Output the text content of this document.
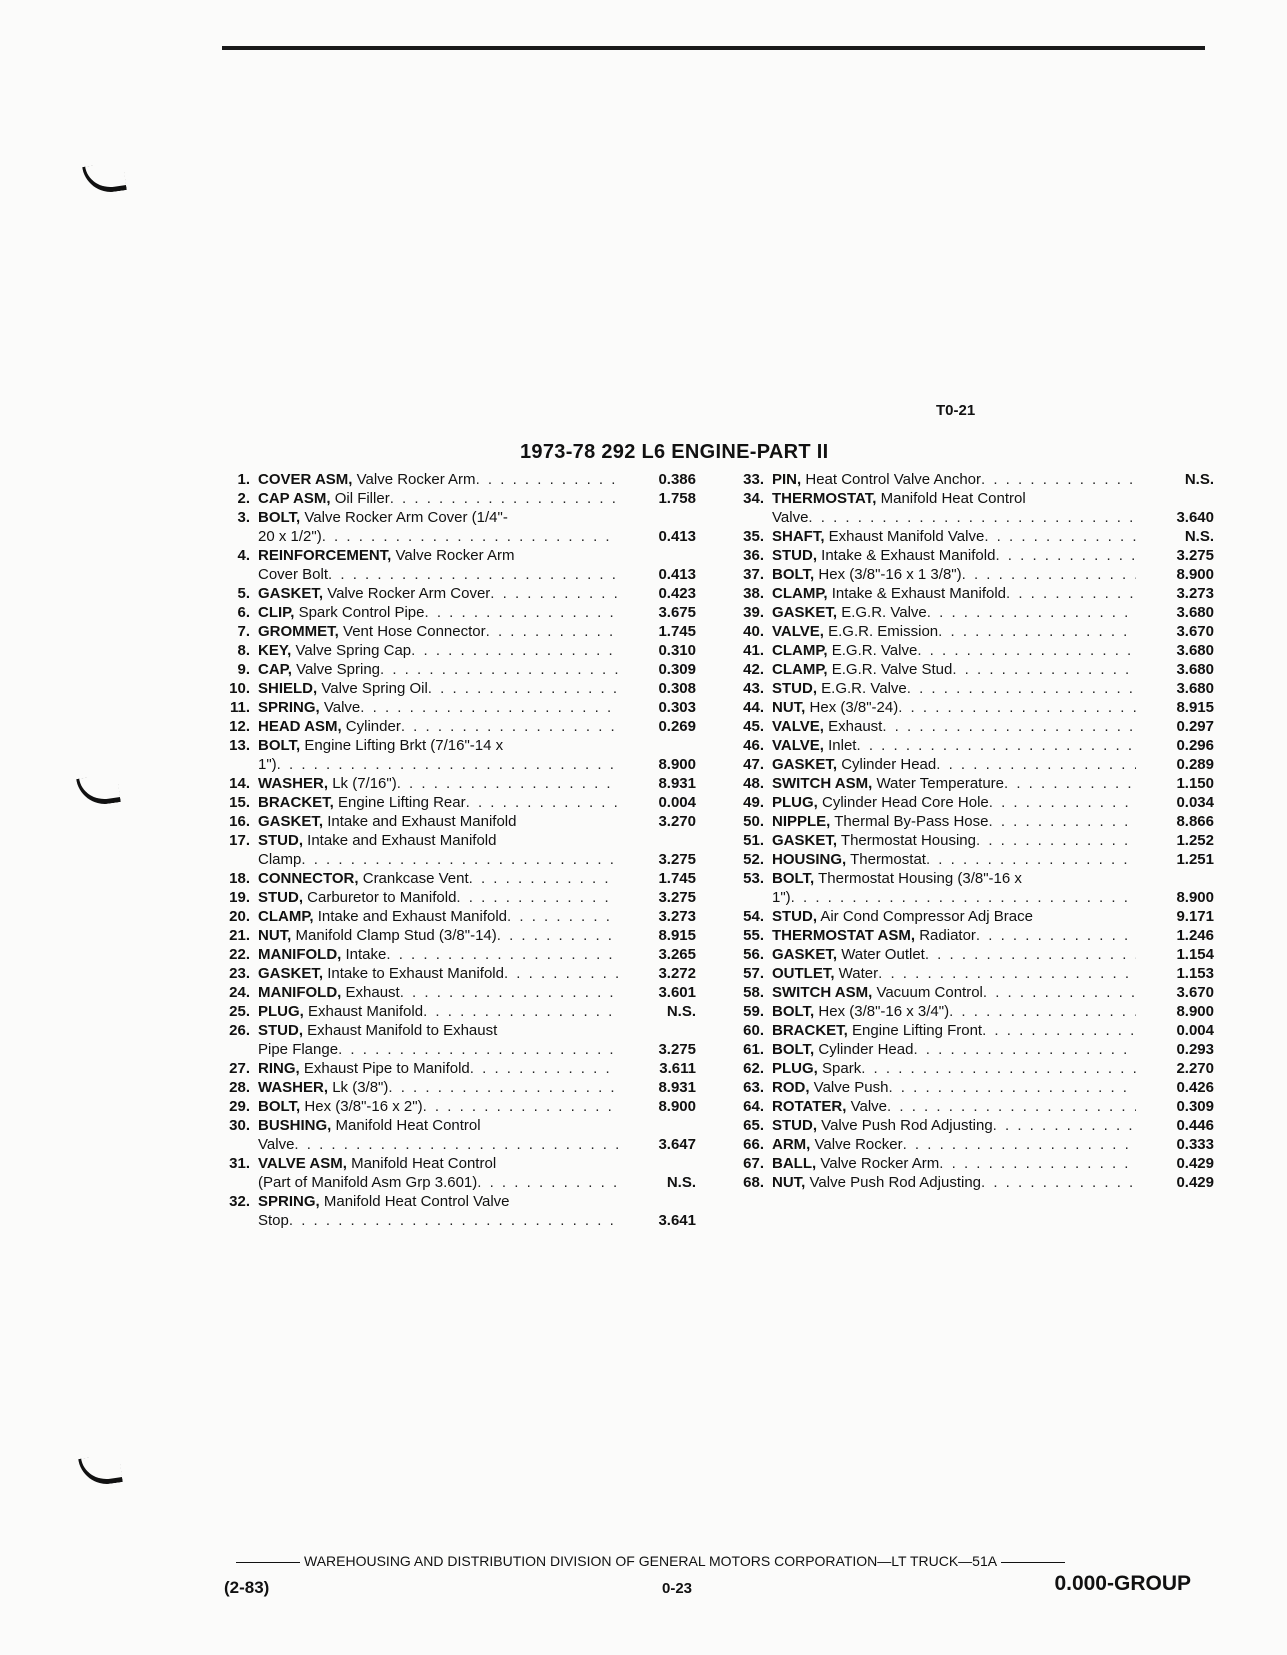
T0-21
1973-78 292 L6 ENGINE-PART II
1. COVER ASM, Valve Rocker Arm . . .	0.386
2. CAP ASM, Oil Filler . . .	1.758
3. BOLT, Valve Rocker Arm Cover (1/4"-
20 x 1/2") . . .	0.413
4. REINFORCEMENT, Valve Rocker Arm
Cover Bolt . . .	0.413
5. GASKET, Valve Rocker Arm Cover . . .	0.423
6. CLIP, Spark Control Pipe . . .	3.675
7. GROMMET, Vent Hose Connector . . .	1.745
8. KEY, Valve Spring Cap . . .	0.310
9. CAP, Valve Spring . . .	0.309
10. SHIELD, Valve Spring Oil . . .	0.308
11. SPRING, Valve . . .	0.303
12. HEAD ASM, Cylinder . . .	0.269
13. BOLT, Engine Lifting Brkt (7/16"-14 x
1") . . .	8.900
14. WASHER, Lk (7/16") . . .	8.931
15. BRACKET, Engine Lifting Rear . . .	0.004
16. GASKET, Intake and Exhaust Manifold	3.270
17. STUD, Intake and Exhaust Manifold
Clamp . . .	3.275
18. CONNECTOR, Crankcase Vent . . .	1.745
19. STUD, Carburetor to Manifold . . .	3.275
20. CLAMP, Intake and Exhaust Manifold . . .	3.273
21. NUT, Manifold Clamp Stud (3/8"-14) . . .	8.915
22. MANIFOLD, Intake . . .	3.265
23. GASKET, Intake to Exhaust Manifold . . .	3.272
24. MANIFOLD, Exhaust . . .	3.601
25. PLUG, Exhaust Manifold . . .	N.S.
26. STUD, Exhaust Manifold to Exhaust
Pipe Flange . . .	3.275
27. RING, Exhaust Pipe to Manifold . . .	3.611
28. WASHER, Lk (3/8") . . .	8.931
29. BOLT, Hex (3/8"-16 x 2") . . .	8.900
30. BUSHING, Manifold Heat Control
Valve . . .	3.647
31. VALVE ASM, Manifold Heat Control
(Part of Manifold Asm Grp 3.601) . . .	N.S.
32. SPRING, Manifold Heat Control Valve
Stop . . .	3.641
33. PIN, Heat Control Valve Anchor . . .	N.S.
34. THERMOSTAT, Manifold Heat Control
Valve . . .	3.640
35. SHAFT, Exhaust Manifold Valve . . .	N.S.
36. STUD, Intake & Exhaust Manifold . . .	3.275
37. BOLT, Hex (3/8"-16 x 1 3/8") . . .	8.900
38. CLAMP, Intake & Exhaust Manifold . . .	3.273
39. GASKET, E.G.R. Valve . . .	3.680
40. VALVE, E.G.R. Emission . . .	3.670
41. CLAMP, E.G.R. Valve . . .	3.680
42. CLAMP, E.G.R. Valve Stud . . .	3.680
43. STUD, E.G.R. Valve . . .	3.680
44. NUT, Hex (3/8"-24) . . .	8.915
45. VALVE, Exhaust . . .	0.297
46. VALVE, Inlet . . .	0.296
47. GASKET, Cylinder Head . . .	0.289
48. SWITCH ASM, Water Temperature . . .	1.150
49. PLUG, Cylinder Head Core Hole . . .	0.034
50. NIPPLE, Thermal By-Pass Hose . . .	8.866
51. GASKET, Thermostat Housing . . .	1.252
52. HOUSING, Thermostat . . .	1.251
53. BOLT, Thermostat Housing (3/8"-16 x
1") . . .	8.900
54. STUD, Air Cond Compressor Adj Brace	9.171
55. THERMOSTAT ASM, Radiator . . .	1.246
56. GASKET, Water Outlet . . .	1.154
57. OUTLET, Water . . .	1.153
58. SWITCH ASM, Vacuum Control . . .	3.670
59. BOLT, Hex (3/8"-16 x 3/4") . . .	8.900
60. BRACKET, Engine Lifting Front . . .	0.004
61. BOLT, Cylinder Head . . .	0.293
62. PLUG, Spark . . .	2.270
63. ROD, Valve Push . . .	0.426
64. ROTATER, Valve . . .	0.309
65. STUD, Valve Push Rod Adjusting . . .	0.446
66. ARM, Valve Rocker . . .	0.333
67. BALL, Valve Rocker Arm . . .	0.429
68. NUT, Valve Push Rod Adjusting . . .	0.429
WAREHOUSING AND DISTRIBUTION DIVISION OF GENERAL MOTORS CORPORATION—LT TRUCK—51A
(2-83)	0-23	0.000-GROUP
